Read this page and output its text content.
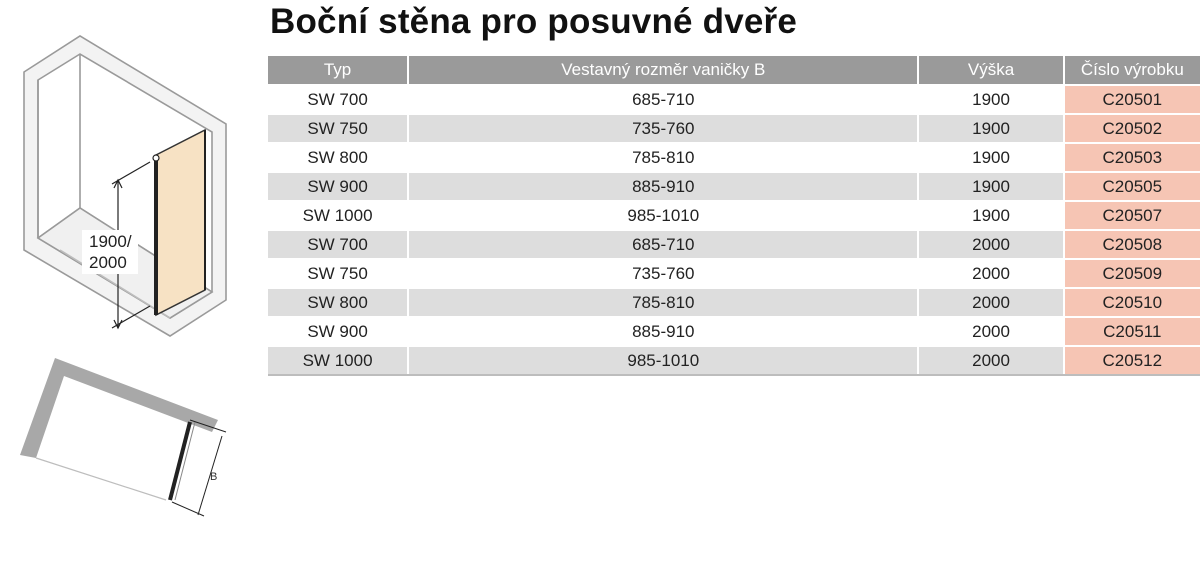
Boční stěna pro posuvné dveře
1900/
2000
B
Typ	Vestavný rozměr vaničky B	Výška	Číslo výrobku
SW 700	685-710	1900	C20501
SW 750	735-760	1900	C20502
SW 800	785-810	1900	C20503
SW 900	885-910	1900	C20505
SW 1000	985-1010	1900	C20507
SW 700	685-710	2000	C20508
SW 750	735-760	2000	C20509
SW 800	785-810	2000	C20510
SW 900	885-910	2000	C20511
SW 1000	985-1010	2000	C20512
